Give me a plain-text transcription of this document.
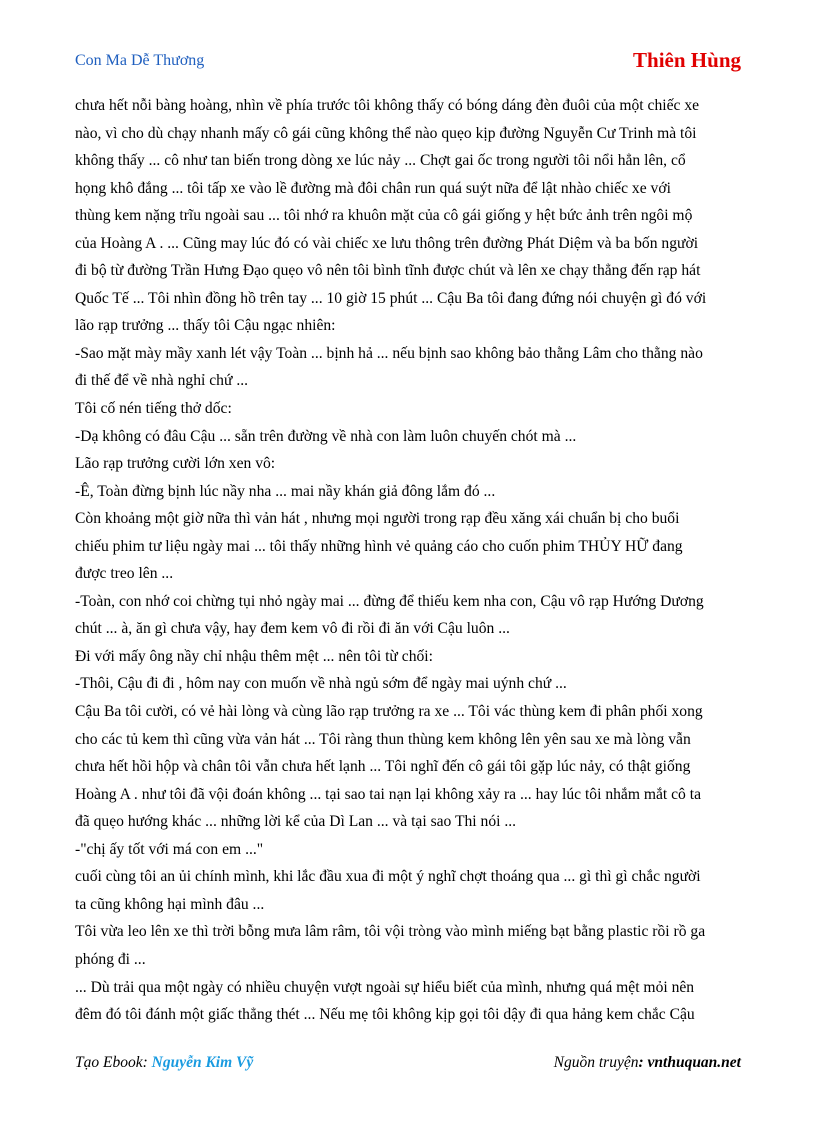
Con Ma Dễ Thương	Thiên Hùng
chưa hết nỗi bàng hoàng, nhìn về phía trước tôi không thấy có bóng dáng đèn đuôi của một chiếc xe
nào, vì cho dù chạy nhanh mấy cô gái cũng không thể nào quẹo kịp đường Nguyễn Cư Trinh mà tôi
không thấy ... cô như tan biến trong dòng xe lúc nảy ... Chợt gai ốc trong người tôi nổi hẳn lên, cổ
họng khô đắng ... tôi tấp xe vào lề đường mà đôi chân run quá suýt nữa để lật nhào chiếc xe với
thùng kem nặng trĩu ngoài sau ... tôi nhớ ra khuôn mặt của cô gái giống y hệt bức ảnh trên ngôi mộ
của Hoàng A . ... Cũng may lúc đó có vài chiếc xe lưu thông trên đường Phát Diệm và ba bốn người
đi bộ từ đường Trần Hưng Đạo quẹo vô nên tôi bình tĩnh được chút và lên xe chạy thẳng đến rạp hát
Quốc Tế ... Tôi nhìn đồng hồ trên tay ... 10 giờ 15 phút ... Cậu Ba tôi đang đứng nói chuyện gì đó với
lão rạp trưởng ... thấy tôi Cậu ngạc nhiên:
-Sao mặt mày mầy xanh lét vậy Toàn ... bịnh hả ... nếu bịnh sao không bảo thằng Lâm cho thằng nào
đi thế để về nhà nghỉ chứ ...
Tôi cố nén tiếng thở dốc:
-Dạ không có đâu Cậu ... sẵn trên đường về nhà con làm luôn chuyến chót mà ...
Lão rạp trưởng cười lớn xen vô:
-Ê, Toàn đừng bịnh lúc nầy nha ... mai nầy khán giả đông lắm đó ...
Còn khoảng một giờ nữa thì vản hát , nhưng mọi người trong rạp đều xăng xái chuẩn bị cho buổi
chiếu phim tư liệu ngày mai ... tôi thấy những hình vẻ quảng cáo cho cuốn phim THỦY HỮ đang
được treo lên ...
-Toàn, con nhớ coi chừng tụi nhỏ ngày mai ... đừng để thiếu kem nha con, Cậu vô rạp Hướng Dương
chút ... à, ăn gì chưa vậy, hay đem kem vô đi rồi đi ăn với Cậu luôn ...
Đi với mấy ông nầy chỉ nhậu thêm mệt ... nên tôi từ chối:
-Thôi, Cậu đi đi , hôm nay con muốn về nhà ngủ sớm để ngày mai uýnh chứ ...
Cậu Ba tôi cười, có vẻ hài lòng và cùng lão rạp trưởng ra xe ... Tôi vác thùng kem đi phân phối xong
cho các tủ kem thì cũng vừa vản hát ... Tôi ràng thun thùng kem không lên yên sau xe mà lòng vẫn
chưa hết hồi hộp và chân tôi vẫn chưa hết lạnh ... Tôi nghĩ đến cô gái tôi gặp lúc nảy, có thật giống
Hoàng A . như tôi đã vội đoán không ... tại sao tai nạn lại không xảy ra ... hay lúc tôi nhắm mắt cô ta
đã quẹo hướng khác ... những lời kể của Dì Lan ... và tại sao Thi nói ...
-"chị ấy tốt với má con em ..."
cuối cùng tôi an ủi chính mình, khi lắc đầu xua đi một ý nghĩ chợt thoáng qua ... gì thì gì chắc người
ta cũng không hại mình đâu ...
Tôi vừa leo lên xe thì trời bỗng mưa lâm râm, tôi vội tròng vào mình miếng bạt bằng plastic rồi rồ ga
phóng đi ...
... Dù trải qua một ngày có nhiều chuyện vượt ngoài sự hiểu biết của mình, nhưng quá mệt mỏi nên
đêm đó tôi đánh một giấc thẳng thét ... Nếu mẹ tôi không kịp gọi tôi dậy đi qua hảng kem chắc Cậu
Tạo Ebook: Nguyễn Kim Vỹ	Nguồn truyện: vnthuquan.net
